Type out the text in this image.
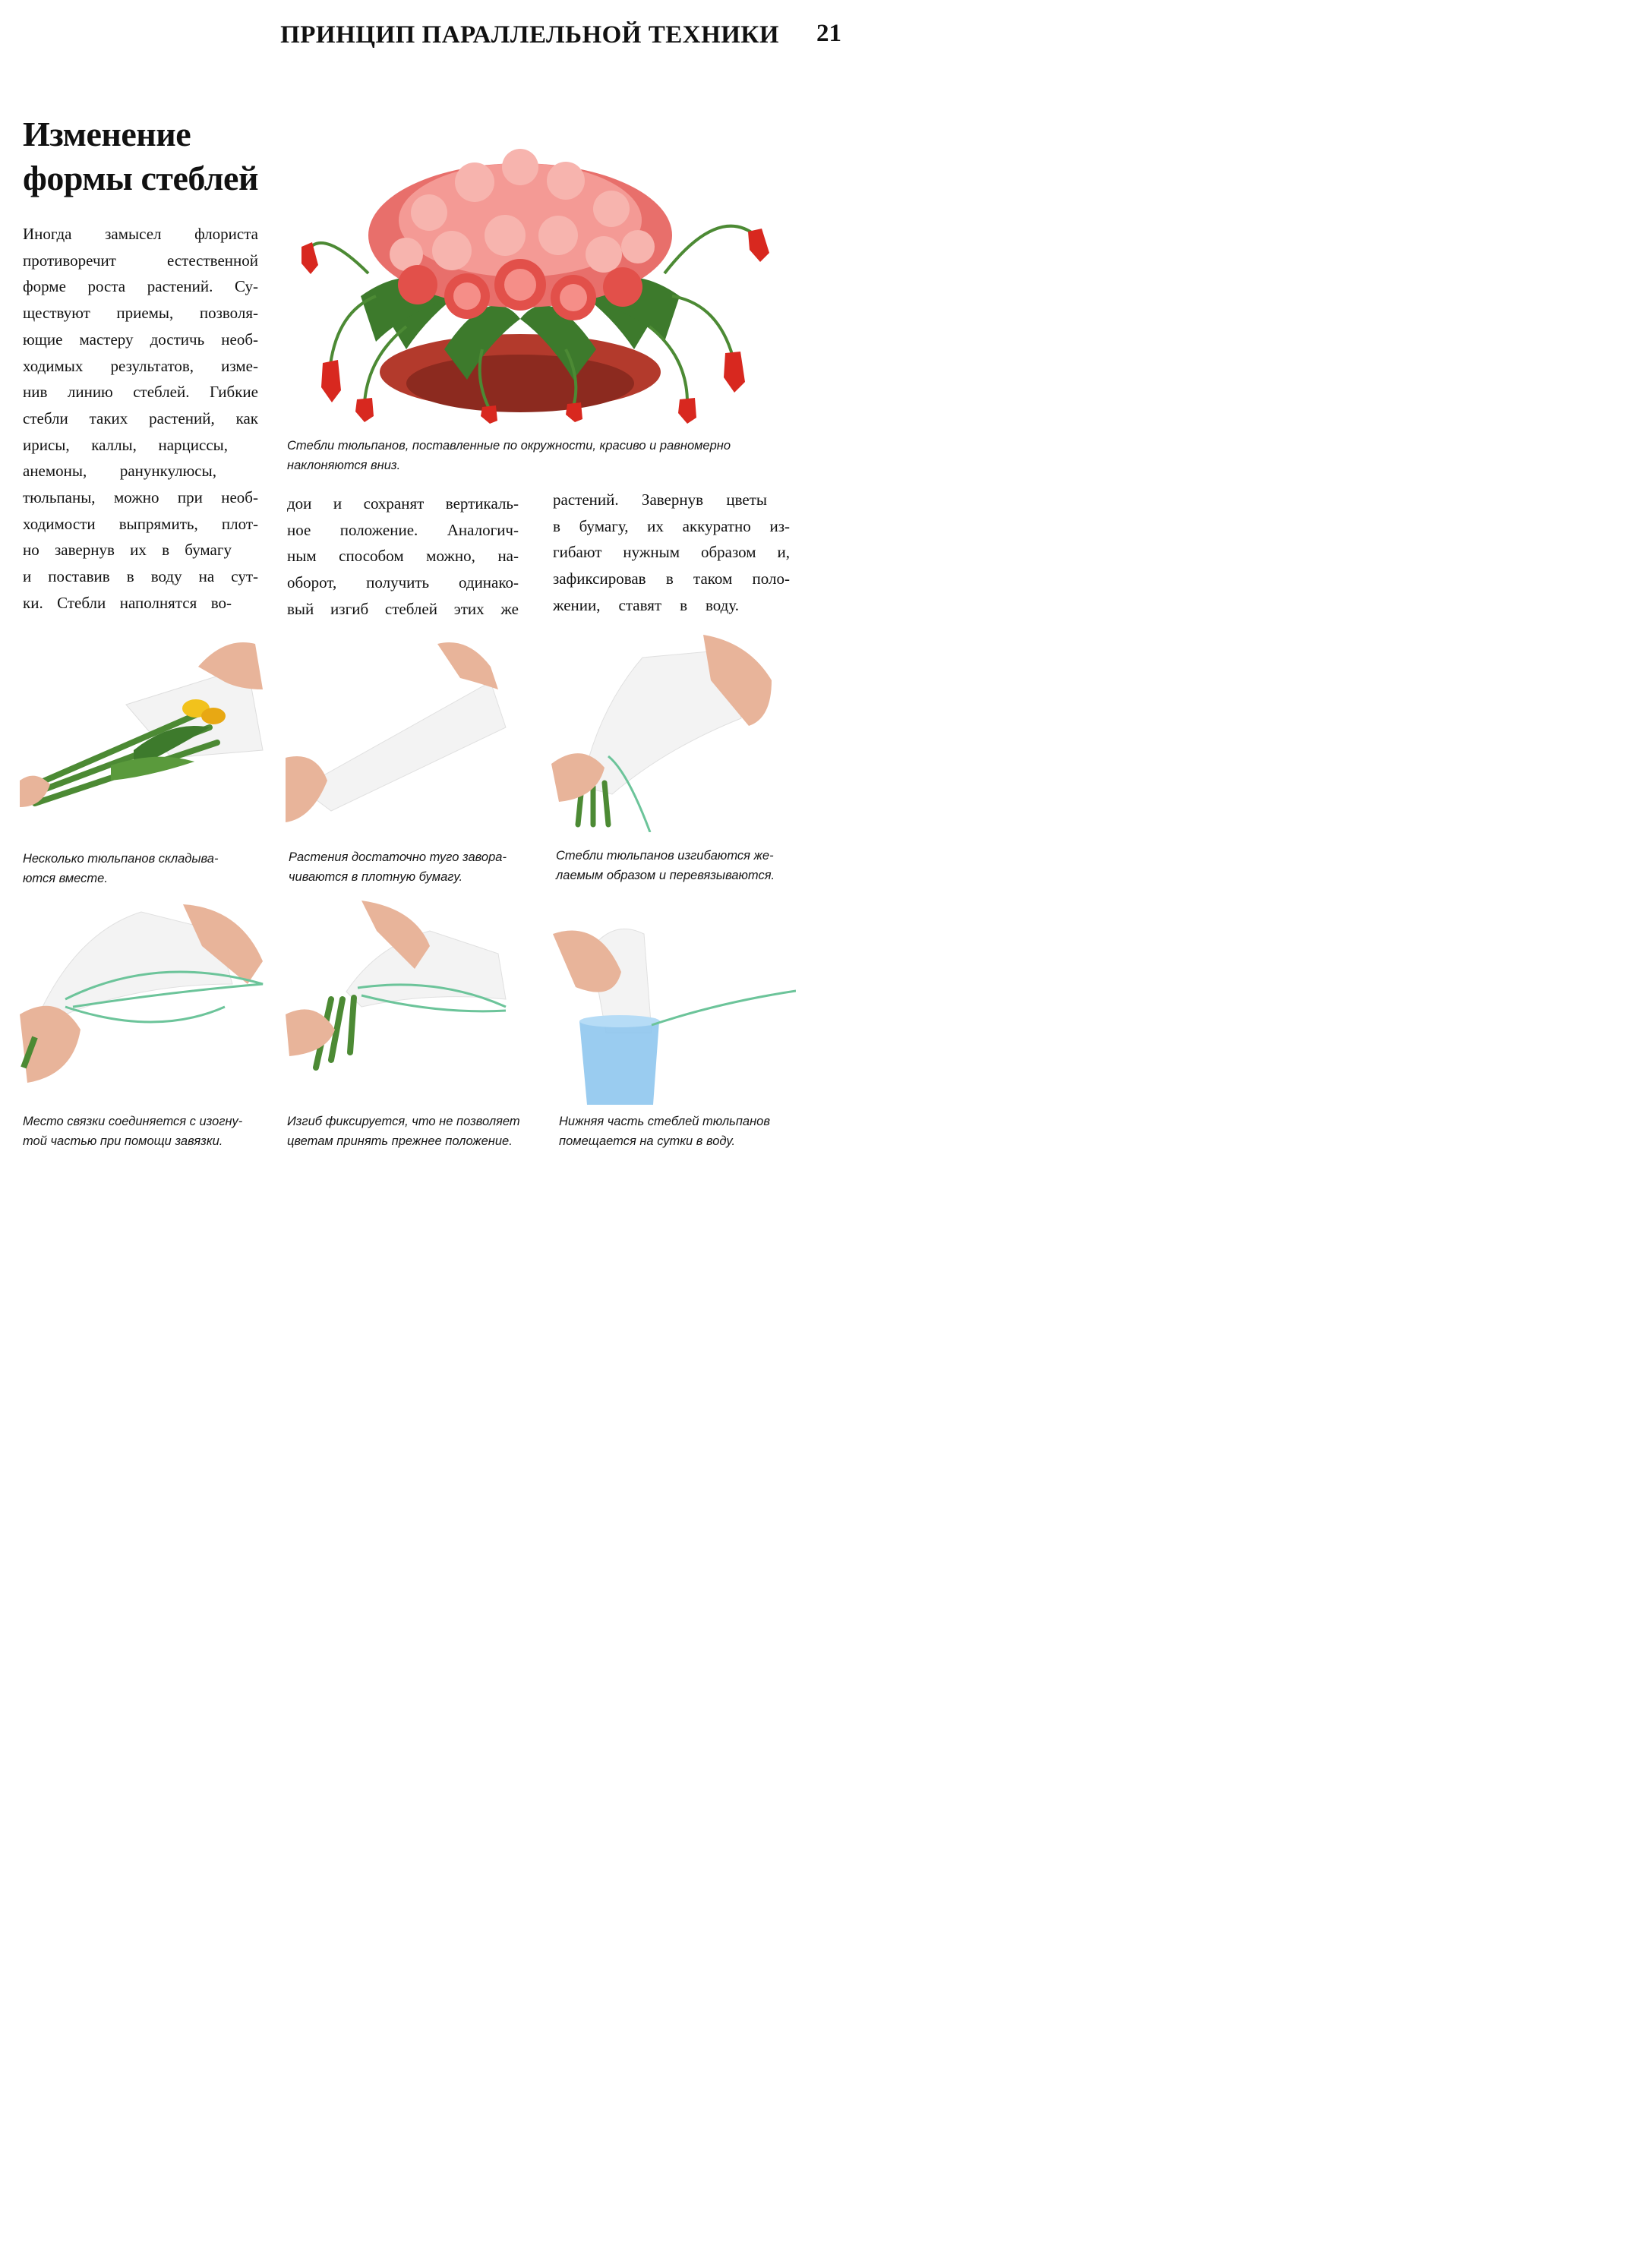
ПРИНЦИП ПАРАЛЛЕЛЬНОЙ ТЕХНИКИ 21
Изменение
формы стеблей
Иногда замысел флориста
противоречит естественной
форме роста растений. Су-
ществуют приемы, позволя-
ющие мастеру достичь необ-
ходимых результатов, изме-
нив линию стеблей. Гибкие
стебли таких растений, как
ирисы, каллы, нарциссы,
анемоны, ранункулюсы,
тюльпаны, можно при необ-
ходимости выпрямить, плот-
но завернув их в бумагу
и поставив в воду на сут-
ки. Стебли наполнятся во-
дои и сохранят вертикаль-
ное положение. Аналогич-
ным способом можно, на-
оборот, получить одинако-
вый изгиб стеблей этих же
растений. Завернув цветы
в бумагу, их аккуратно из-
гибают нужным образом и,
зафиксировав в таком поло-
жении, ставят в воду.
Стебли тюльпанов, поставленные по окружности, красиво и равномерно
наклоняются вниз.
Несколько тюльпанов складыва-
ются вместе.
Растения достаточно туго завора-
чиваются в плотную бумагу.
Стебли тюльпанов изгибаются же-
лаемым образом и перевязываются.
Место связки соединяется с изогну-
той частью при помощи завязки.
Изгиб фиксируется, что не позволяет
цветам принять прежнее положение.
Нижняя часть стеблей тюльпанов
помещается на сутки в воду.
